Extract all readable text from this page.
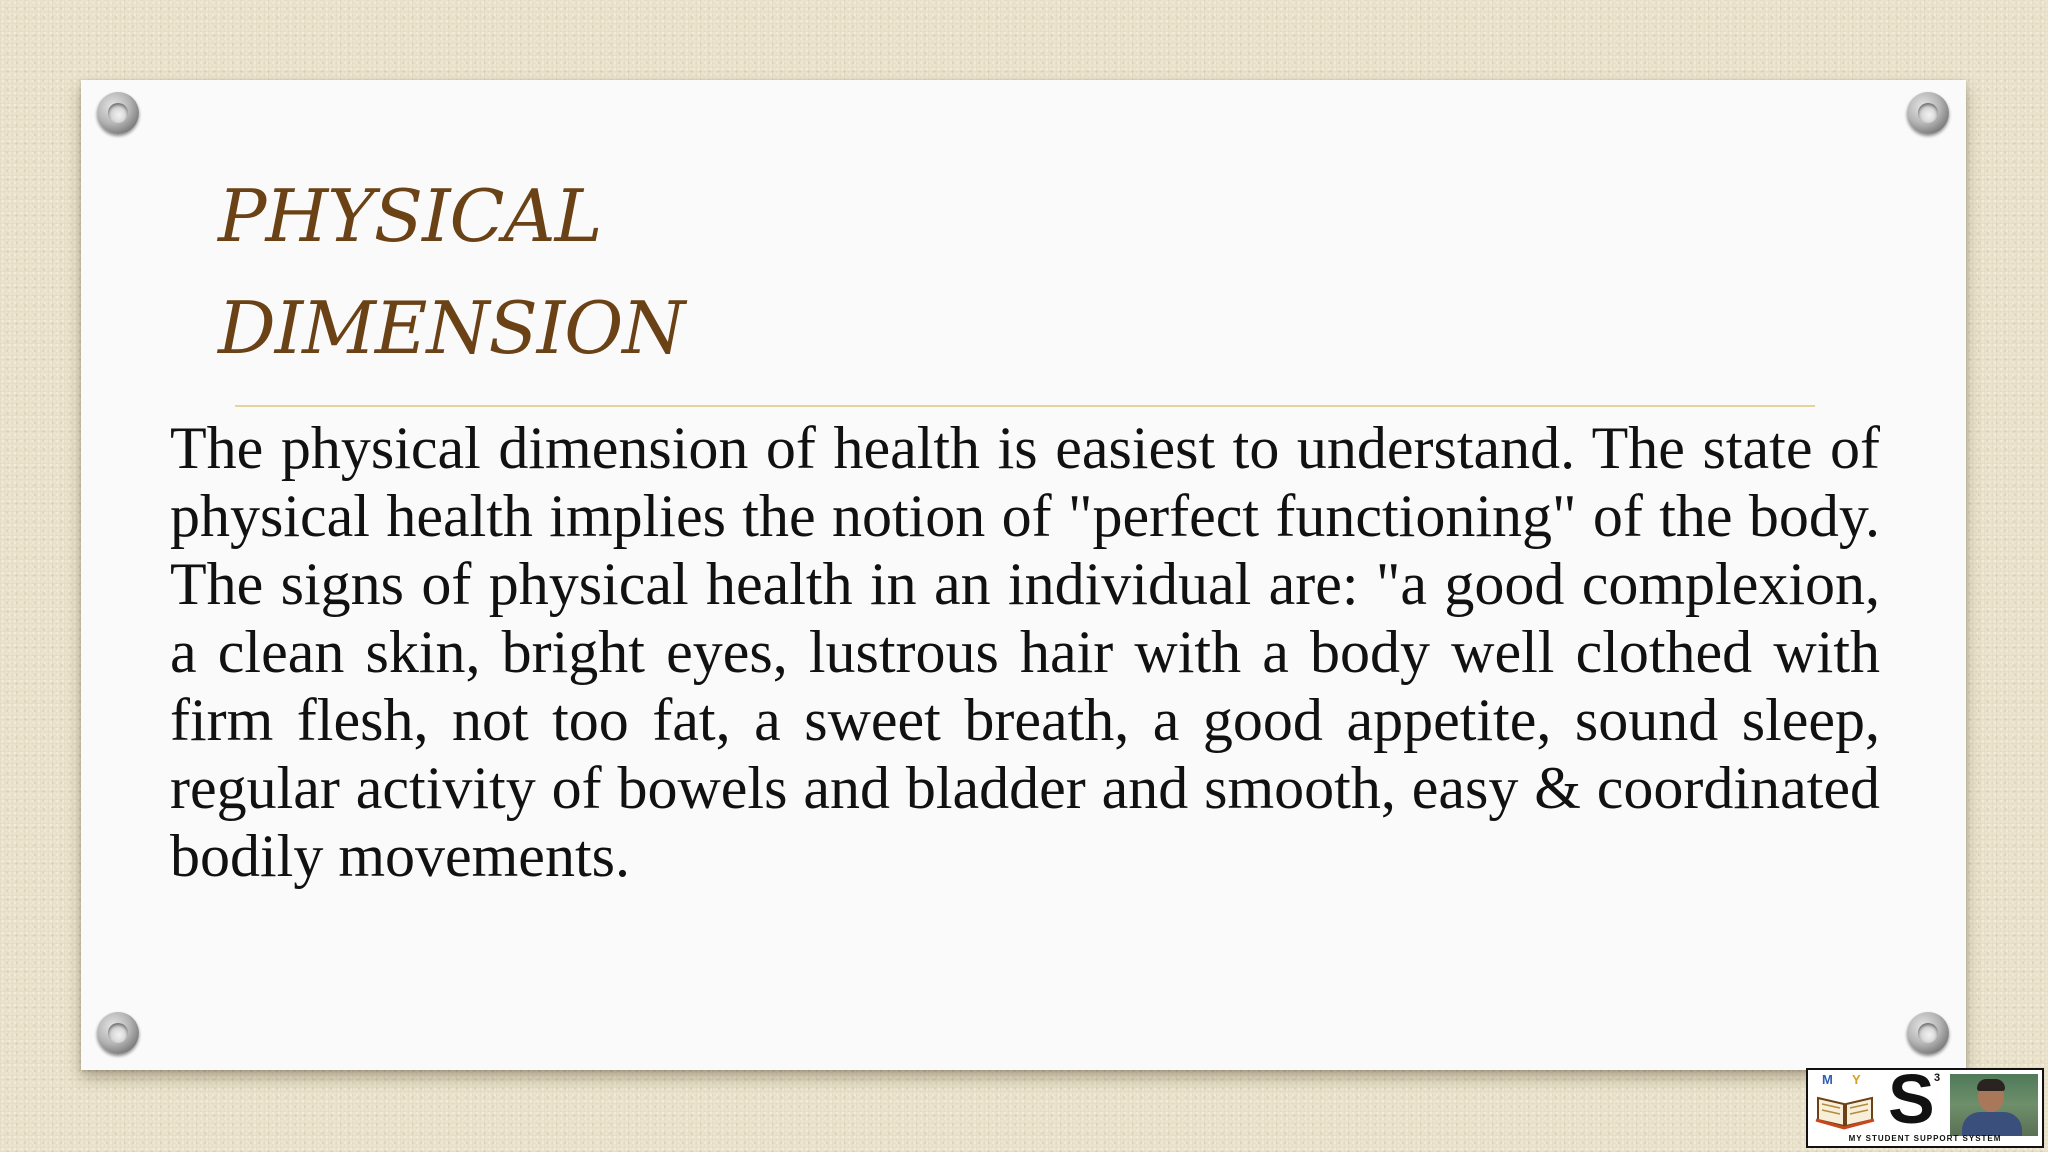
PHYSICAL
DIMENSION

The physical dimension of health is easiest to understand. The state of physical health implies the notion of "perfect functioning" of the body. The signs of physical health in an individual are: "a good complexion, a clean skin, bright eyes, lustrous hair with a body well clothed with firm flesh, not too fat, a sweet breath, a good appetite, sound sleep, regular activity of bowels and bladder and smooth, easy & coordinated bodily movements.

M Y S 3
MY STUDENT SUPPORT SYSTEM
